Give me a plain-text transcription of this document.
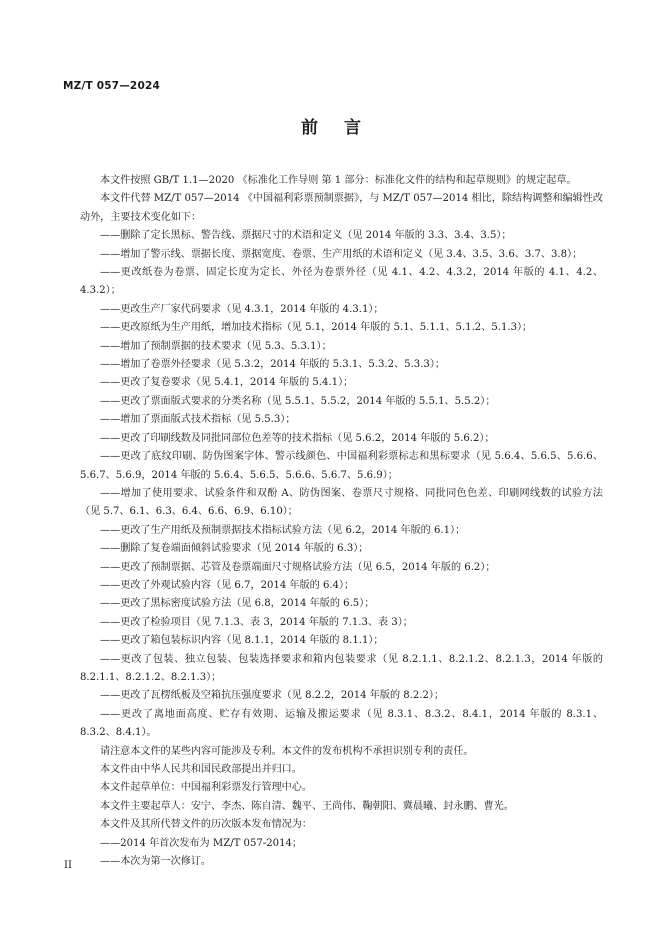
MZ/T 057—2024
前言

本文件按照 GB/T 1.1—2020 《标准化工作导则 第 1 部分：标准化文件的结构和起草规则》的规定起草。

本文件代替 MZ/T 057—2014 《中国福利彩票预制票据》，与 MZ/T 057—2014 相比，除结构调整和编辑性改动外，主要技术变化如下：

——删除了定长黑标、警告线、票据尺寸的术语和定义（见 2014 年版的 3.3、3.4、3.5）；

——增加了警示线、票据长度、票据宽度、卷票、生产用纸的术语和定义（见 3.4、3.5、3.6、3.7、3.8）；

——更改纸卷为卷票、固定长度为定长、外径为卷票外径（见 4.1、4.2、4.3.2，2014 年版的 4.1、4.2、4.3.2）；

——更改生产厂家代码要求（见 4.3.1，2014 年版的 4.3.1）；

——更改原纸为生产用纸，增加技术指标（见 5.1，2014 年版的 5.1、5.1.1、5.1.2、5.1.3）；

——增加了预制票据的技术要求（见 5.3、5.3.1）；

——增加了卷票外径要求（见 5.3.2，2014 年版的 5.3.1、5.3.2、5.3.3）；

——更改了复卷要求（见 5.4.1，2014 年版的 5.4.1）；

——更改了票面版式要求的分类名称（见 5.5.1、5.5.2，2014 年版的 5.5.1、5.5.2）；

——增加了票面版式技术指标（见 5.5.3）；

——更改了印刷线数及同批同部位色差等的技术指标（见 5.6.2，2014 年版的 5.6.2）；

——更改了底纹印刷、防伪图案字体、警示线颜色、中国福利彩票标志和黑标要求（见 5.6.4、5.6.5、5.6.6、5.6.7、5.6.9，2014 年版的 5.6.4、5.6.5、5.6.6、5.6.7、5.6.9）；

——增加了使用要求、试验条件和双酚 A、防伪图案、卷票尺寸规格、同批同色色差、印刷网线数的试验方法（见 5.7、6.1、6.3、6.4、6.6、6.9、6.10）；

——更改了生产用纸及预制票据技术指标试验方法（见 6.2，2014 年版的 6.1）；

——删除了复卷端面倾斜试验要求（见 2014 年版的 6.3）；

——更改了预制票据、芯管及卷票端面尺寸规格试验方法（见 6.5，2014 年版的 6.2）；

——更改了外观试验内容（见 6.7，2014 年版的 6.4）；

——更改了黑标密度试验方法（见 6.8，2014 年版的 6.5）；

——更改了检验项目（见 7.1.3、表 3，2014 年版的 7.1.3、表 3）；

——更改了箱包装标识内容（见 8.1.1，2014 年版的 8.1.1）；

——更改了包装、独立包装、包装选择要求和箱内包装要求（见 8.2.1.1、8.2.1.2、8.2.1.3，2014 年版的 8.2.1.1、8.2.1.2、8.2.1.3）；

——更改了瓦楞纸板及空箱抗压强度要求（见 8.2.2，2014 年版的 8.2.2）；

——更改了离地面高度、贮存有效期、运输及搬运要求（见 8.3.1、8.3.2、8.4.1，2014 年版的 8.3.1、8.3.2、8.4.1）。

请注意本文件的某些内容可能涉及专利。本文件的发布机构不承担识别专利的责任。

本文件由中华人民共和国民政部提出并归口。

本文件起草单位：中国福利彩票发行管理中心。

本文件主要起草人：安宁、李杰、陈自清、魏平、王尚伟、鞠朝阳、冀晨曦、封永鹏、曹光。

本文件及其所代替文件的历次版本发布情况为：

——2014 年首次发布为 MZ/T 057-2014；

——本次为第一次修订。

II
